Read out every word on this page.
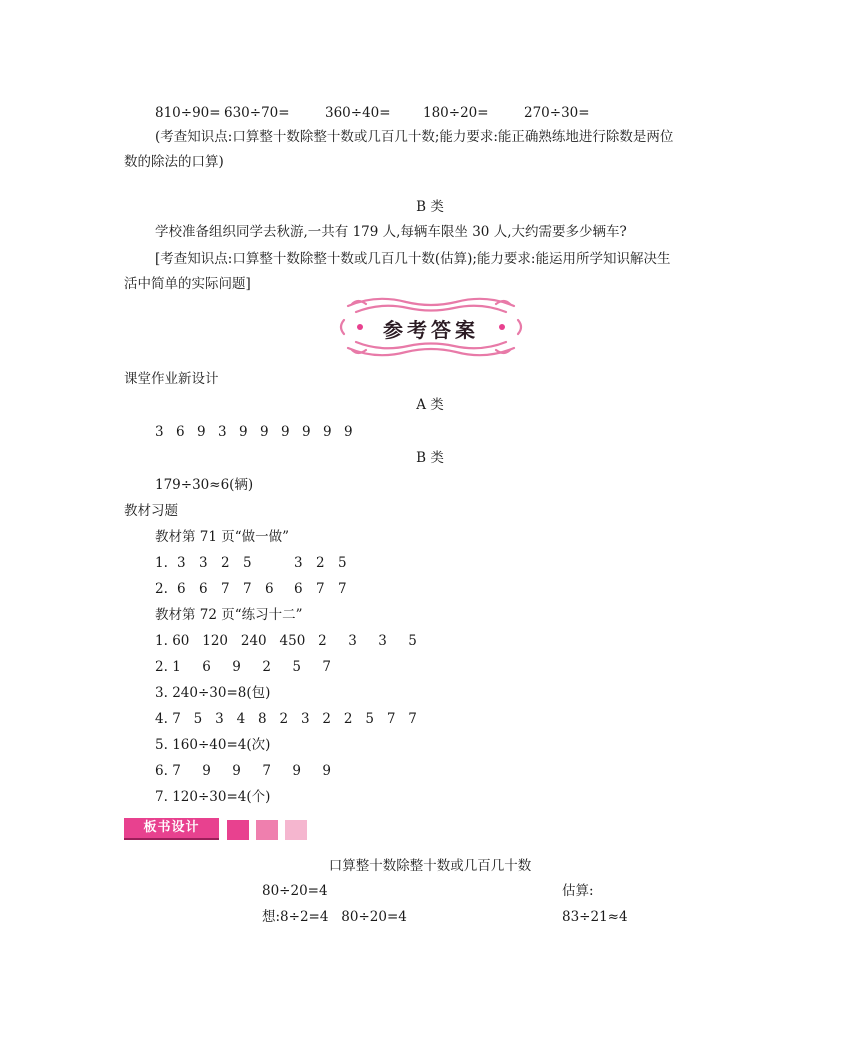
810÷90= 630÷70=	360÷40= 180÷20=	270÷30=
(考查知识点:口算整十数除整十数或几百几十数;能力要求:能正确熟练地进行除数是两位
数的除法的口算)
B 类
学校准备组织同学去秋游,一共有 179 人,每辆车限坐 30 人,大约需要多少辆车?
[考查知识点:口算整十数除整十数或几百几十数(估算);能力要求:能运用所学知识解决生
活中简单的实际问题]
参考答案
课堂作业新设计
A 类
3 6 9 3 9 9 9 9 9 9
B 类
179÷30≈6(辆)
教材习题
教材第 71 页“做一做”
1. 3 3 2 5	3 2 5
2. 6 6 7 7 6 6 7 7
教材第 72 页“练习十二”
1. 60   120   240   450   2     3     3     5
2. 1     6     9     2     5     7
3. 240÷30=8(包)
4. 7   5   3   4   8   2   3   2   2   5   7   7
5. 160÷40=4(次)
6. 7     9     9     7     9     9
7. 120÷30=4(个)
板书设计
口算整十数除整十数或几百几十数
80÷20=4
想:8÷2=4   80÷20=4
估算:
83÷21≈4
